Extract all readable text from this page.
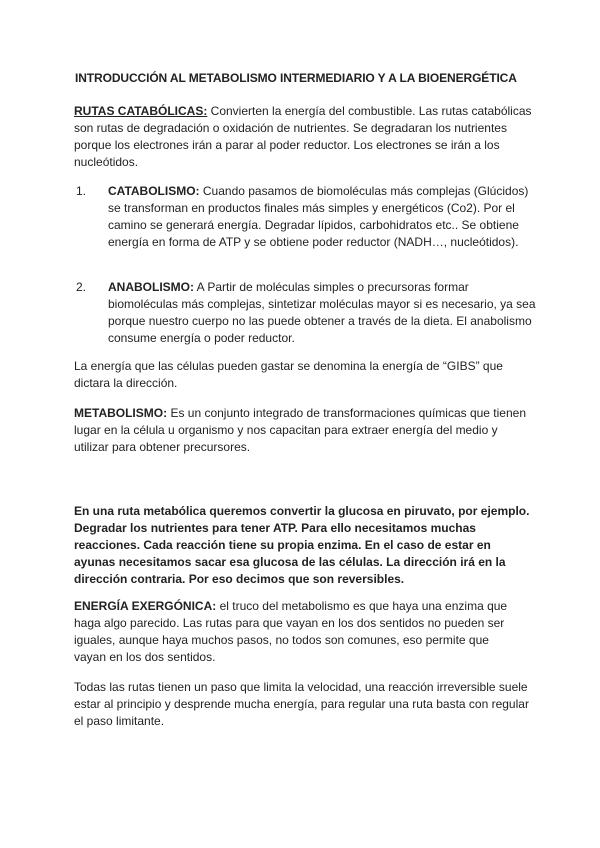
INTRODUCCIÓN AL METABOLISMO INTERMEDIARIO Y A LA BIOENERGÉTICA

RUTAS CATABÓLICAS: Convierten la energía del combustible. Las rutas catabólicas son rutas de degradación o oxidación de nutrientes. Se degradaran los nutrientes porque los electrones irán a parar al poder reductor. Los electrones se irán a los nucleótidos.

1. CATABOLISMO: Cuando pasamos de biomoléculas más complejas (Glúcidos) se transforman en productos finales más simples y energéticos (Co2). Por el camino se generará energía. Degradar lípidos, carbohidratos etc.. Se obtiene energía en forma de ATP y se obtiene poder reductor (NADH…, nucleótidos).

2. ANABOLISMO: A Partir de moléculas simples o precursoras formar biomoléculas más complejas, sintetizar moléculas mayor si es necesario, ya sea porque nuestro cuerpo no las puede obtener a través de la dieta. El anabolismo consume energía o poder reductor.

La energía que las células pueden gastar se denomina la energía de “GIBS” que dictara la dirección.

METABOLISMO: Es un conjunto integrado de transformaciones químicas que tienen lugar en la célula u organismo y nos capacitan para extraer energía del medio y utilizar para obtener precursores.

En una ruta metabólica queremos convertir la glucosa en piruvato, por ejemplo. Degradar los nutrientes para tener ATP. Para ello necesitamos muchas reacciones. Cada reacción tiene su propia enzima. En el caso de estar en ayunas necesitamos sacar esa glucosa de las células. La dirección irá en la dirección contraria. Por eso decimos que son reversibles.

ENERGÍA EXERGÓNICA: el truco del metabolismo es que haya una enzima que haga algo parecido. Las rutas para que vayan en los dos sentidos no pueden ser iguales, aunque haya muchos pasos, no todos son comunes, eso permite que vayan en los dos sentidos.

Todas las rutas tienen un paso que limita la velocidad, una reacción irreversible suele estar al principio y desprende mucha energía, para regular una ruta basta con regular el paso limitante.
